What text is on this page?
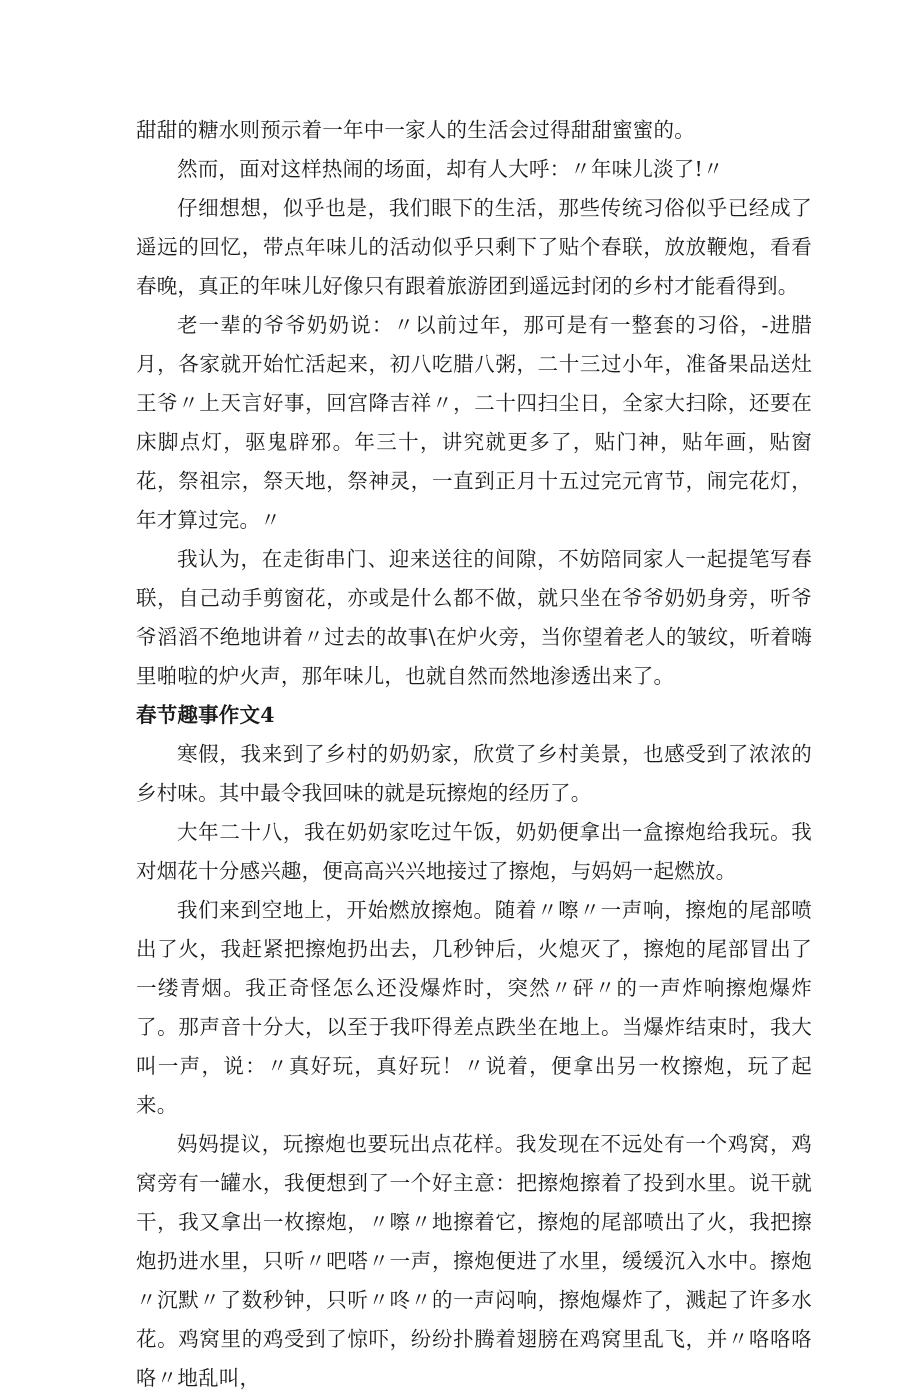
甜甜的糖水则预示着一年中一家人的生活会过得甜甜蜜蜜的。

然而，面对这样热闹的场面，却有人大呼：〃年味儿淡了!〃

仔细想想，似乎也是，我们眼下的生活，那些传统习俗似乎已经成了遥远的回忆，带点年味儿的活动似乎只剩下了贴个春联，放放鞭炮，看看春晚，真正的年味儿好像只有跟着旅游团到遥远封闭的乡村才能看得到。

老一辈的爷爷奶奶说：〃以前过年，那可是有一整套的习俗，-进腊月，各家就开始忙活起来，初八吃腊八粥，二十三过小年，准备果品送灶王爷〃上天言好事，回宫降吉祥〃，二十四扫尘日，全家大扫除，还要在床脚点灯，驱鬼辟邪。年三十，讲究就更多了，贴门神，贴年画，贴窗花，祭祖宗，祭天地，祭神灵，一直到正月十五过完元宵节，闹完花灯，年才算过完。〃

我认为，在走街串门、迎来送往的间隙，不妨陪同家人一起提笔写春联，自己动手剪窗花，亦或是什么都不做，就只坐在爷爷奶奶身旁，听爷爷滔滔不绝地讲着〃过去的故事\在炉火旁，当你望着老人的皱纹，听着嗨里啪啦的炉火声，那年味儿，也就自然而然地渗透出来了。

春节趣事作文4

寒假，我来到了乡村的奶奶家，欣赏了乡村美景，也感受到了浓浓的乡村味。其中最令我回味的就是玩擦炮的经历了。

大年二十八，我在奶奶家吃过午饭，奶奶便拿出一盒擦炮给我玩。我对烟花十分感兴趣，便高高兴兴地接过了擦炮，与妈妈一起燃放。

我们来到空地上，开始燃放擦炮。随着〃嚓〃一声响，擦炮的尾部喷出了火，我赶紧把擦炮扔出去，几秒钟后，火熄灭了，擦炮的尾部冒出了一缕青烟。我正奇怪怎么还没爆炸时，突然〃砰〃的一声炸响擦炮爆炸了。那声音十分大，以至于我吓得差点跌坐在地上。当爆炸结束时，我大叫一声，说：〃真好玩，真好玩！〃说着，便拿出另一枚擦炮，玩了起来。

妈妈提议，玩擦炮也要玩出点花样。我发现在不远处有一个鸡窝，鸡窝旁有一罐水，我便想到了一个好主意：把擦炮擦着了投到水里。说干就干，我又拿出一枚擦炮，〃嚓〃地擦着它，擦炮的尾部喷出了火，我把擦炮扔进水里，只听〃吧嗒〃一声，擦炮便进了水里，缓缓沉入水中。擦炮〃沉默〃了数秒钟，只听〃咚〃的一声闷响，擦炮爆炸了，溅起了许多水花。鸡窝里的鸡受到了惊吓，纷纷扑腾着翅膀在鸡窝里乱飞，并〃咯咯咯咯〃地乱叫，
